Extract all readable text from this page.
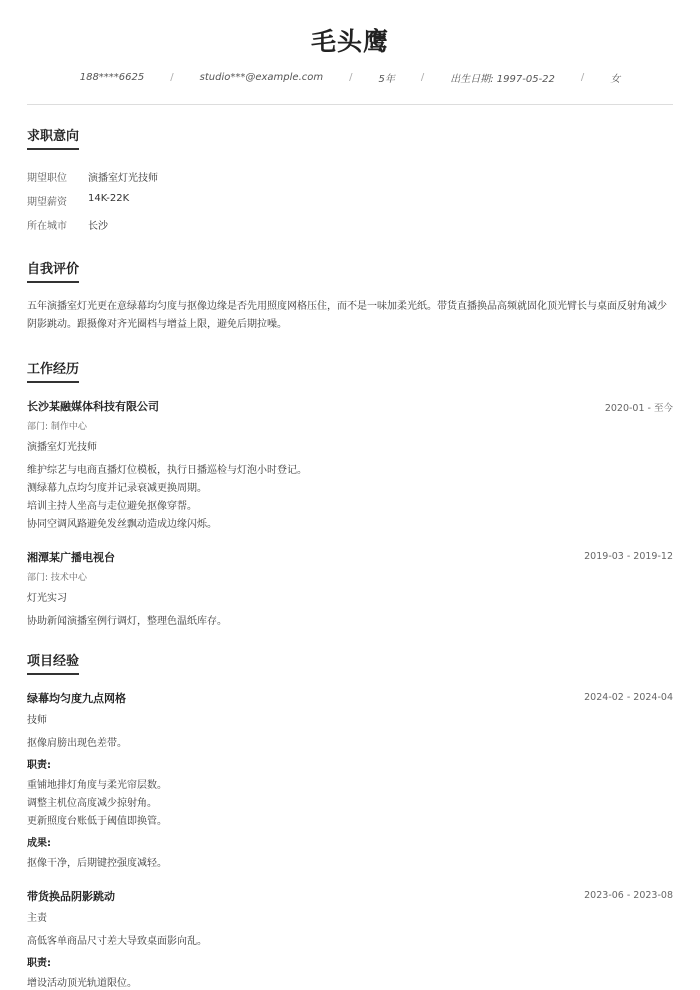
毛头鹰
188****6625	/	studio***@example.com	/	5年	/	出生日期: 1997-05-22	/	女
求职意向
期望职位 演播室灯光技师
期望薪资 14K-22K
所在城市 长沙
自我评价

五年演播室灯光更在意绿幕均匀度与抠像边缘是否先用照度网格压住，而不是一味加柔光纸。带货直播换品高频就固化顶光臂长与桌面反射角减少阴影跳动。跟摄像对齐光圈档与增益上限，避免后期拉噪。

工作经历
长沙某融媒体科技有限公司	2020-01 - 至今
部门: 制作中心
演播室灯光技师
维护综艺与电商直播灯位模板，执行日播巡检与灯泡小时登记。
测绿幕九点均匀度并记录衰减更换周期。
培训主持人坐高与走位避免抠像穿帮。
协同空调风路避免发丝飘动造成边缘闪烁。
湘潭某广播电视台	2019-03 - 2019-12
部门: 技术中心
灯光实习
协助新闻演播室例行调灯，整理色温纸库存。
项目经验
绿幕均匀度九点网格	2024-02 - 2024-04
技师
抠像肩膀出现色差带。
职责:
重铺地排灯角度与柔光帘层数。
调整主机位高度减少掠射角。
更新照度台账低于阈值即换管。
成果:
抠像干净，后期键控强度减轻。
带货换品阴影跳动	2023-06 - 2023-08
主责
高低客单商品尺寸差大导致桌面影向乱。
职责:
增设活动顶光轨道限位。
